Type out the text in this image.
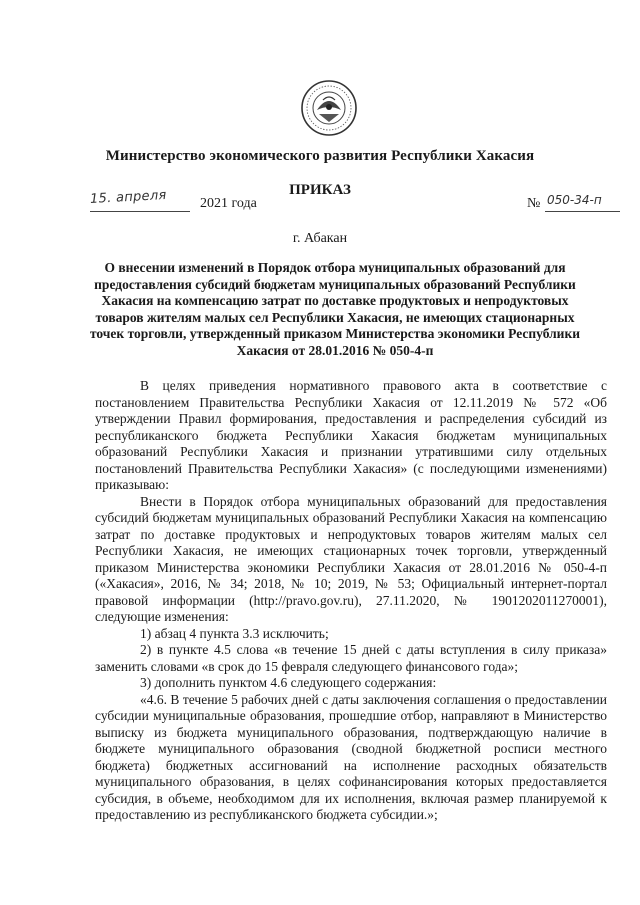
Министерство экономического развития Республики Хакасия
ПРИКАЗ
15. апреля 2021 года	№ 050-34-п
г. Абакан
О внесении изменений в Порядок отбора муниципальных образований для предоставления субсидий бюджетам муниципальных образований Республики Хакасия на компенсацию затрат по доставке продуктовых и непродуктовых товаров жителям малых сел Республики Хакасия, не имеющих стационарных точек торговли, утвержденный приказом Министерства экономики Республики Хакасия от 28.01.2016 № 050-4-п

В целях приведения нормативного правового акта в соответствие с постановлением Правительства Республики Хакасия от 12.11.2019 № 572 «Об утверждении Правил формирования, предоставления и распределения субсидий из республиканского бюджета Республики Хакасия бюджетам муниципальных образований Республики Хакасия и признании утратившими силу отдельных постановлений Правительства Республики Хакасия» (с последующими изменениями) приказываю:

Внести в Порядок отбора муниципальных образований для предоставления субсидий бюджетам муниципальных образований Республики Хакасия на компенсацию затрат по доставке продуктовых и непродуктовых товаров жителям малых сел Республики Хакасия, не имеющих стационарных точек торговли, утвержденный приказом Министерства экономики Республики Хакасия от 28.01.2016 № 050-4-п («Хакасия», 2016, № 34; 2018, № 10; 2019, № 53; Официальный интернет-портал правовой информации (http://pravo.gov.ru), 27.11.2020, № 1901202011270001), следующие изменения:

1) абзац 4 пункта 3.3 исключить;

2) в пункте 4.5 слова «в течение 15 дней с даты вступления в силу приказа» заменить словами «в срок до 15 февраля следующего финансового года»;

3) дополнить пунктом 4.6 следующего содержания:

«4.6. В течение 5 рабочих дней с даты заключения соглашения о предоставлении субсидии муниципальные образования, прошедшие отбор, направляют в Министерство выписку из бюджета муниципального образования, подтверждающую наличие в бюджете муниципального образования (сводной бюджетной росписи местного бюджета) бюджетных ассигнований на исполнение расходных обязательств муниципального образования, в целях софинансирования которых предоставляется субсидия, в объеме, необходимом для их исполнения, включая размер планируемой к предоставлению из республиканского бюджета субсидии.»;
